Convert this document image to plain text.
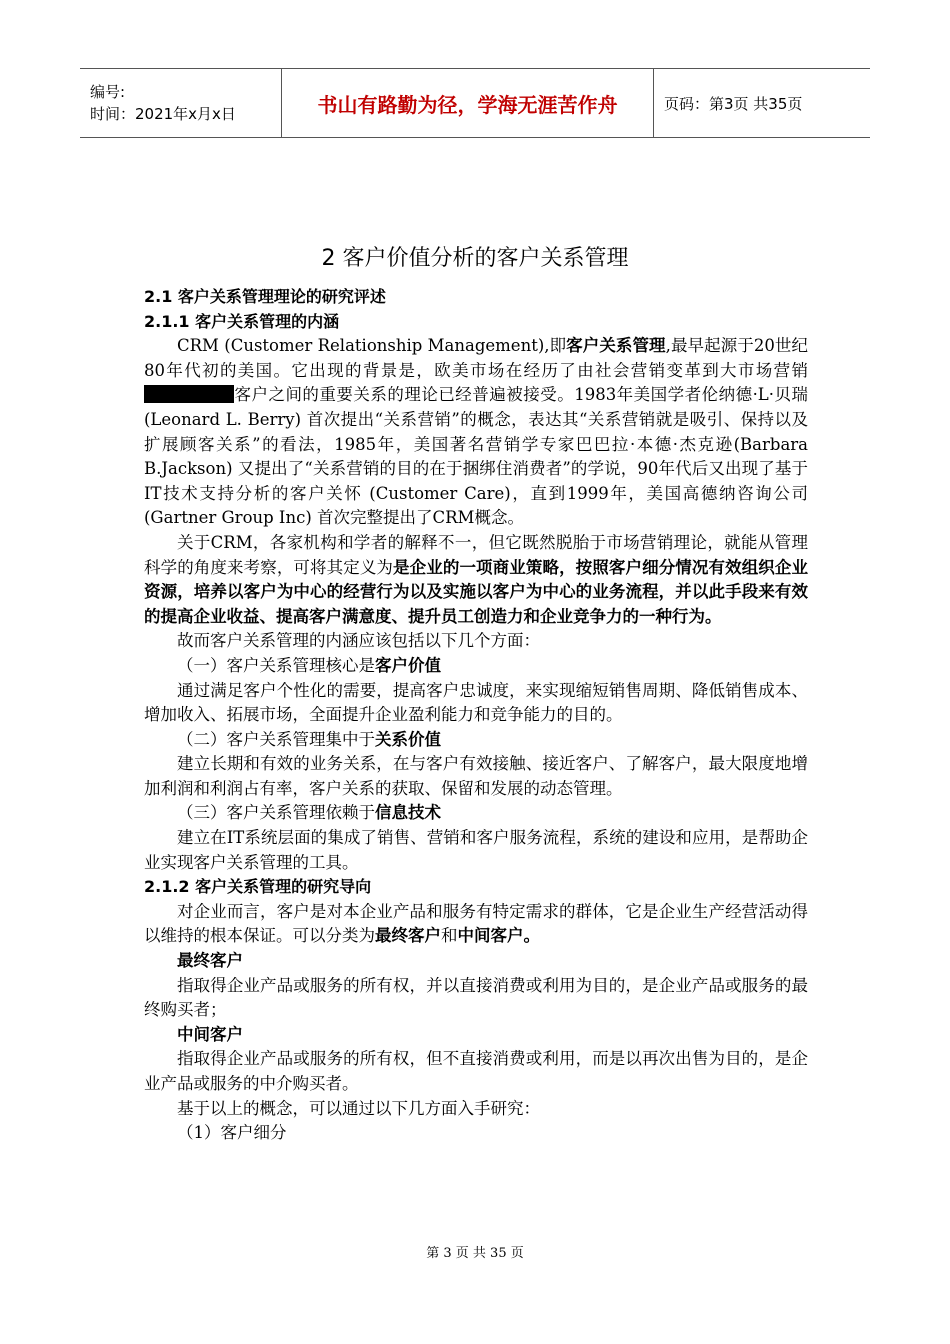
编号:
时间：2021年x月x日	书山有路勤为径，学海无涯苦作舟	页码：第3页 共35页
2 客户价值分析的客户关系管理

2.1 客户关系管理理论的研究评述

2.1.1 客户关系管理的内涵

CRM (Customer Relationship Management),即客户关系管理,最早起源于20世纪80年代初的美国。它出现的背景是，欧美市场在经历了由社会营销变革到大市场营销客户之间的重要关系的理论已经普遍被接受。1983年美国学者伦纳德·L·贝瑞 (Leonard L. Berry) 首次提出“关系营销”的概念，表达其“关系营销就是吸引、保持以及扩展顾客关系”的看法，1985年，美国著名营销学专家巴巴拉·本德·杰克逊(Barbara B.Jackson) 又提出了“关系营销的目的在于捆绑住消费者”的学说，90年代后又出现了基于IT技术支持分析的客户关怀 (Customer Care)，直到1999年，美国高德纳咨询公司 (Gartner Group Inc) 首次完整提出了CRM概念。

关于CRM，各家机构和学者的解释不一，但它既然脱胎于市场营销理论，就能从管理科学的角度来考察，可将其定义为是企业的一项商业策略，按照客户细分情况有效组织企业资源，培养以客户为中心的经营行为以及实施以客户为中心的业务流程，并以此手段来有效的提高企业收益、提高客户满意度、提升员工创造力和企业竞争力的一种行为。

故而客户关系管理的内涵应该包括以下几个方面：

（一）客户关系管理核心是客户价值

通过满足客户个性化的需要，提高客户忠诚度，来实现缩短销售周期、降低销售成本、增加收入、拓展市场，全面提升企业盈利能力和竞争能力的目的。

（二）客户关系管理集中于关系价值

建立长期和有效的业务关系，在与客户有效接触、接近客户、了解客户，最大限度地增加利润和利润占有率，客户关系的获取、保留和发展的动态管理。

（三）客户关系管理依赖于信息技术

建立在IT系统层面的集成了销售、营销和客户服务流程，系统的建设和应用，是帮助企业实现客户关系管理的工具。

2.1.2 客户关系管理的研究导向

对企业而言，客户是对本企业产品和服务有特定需求的群体，它是企业生产经营活动得以维持的根本保证。可以分类为最终客户和中间客户。

最终客户

指取得企业产品或服务的所有权，并以直接消费或利用为目的，是企业产品或服务的最终购买者；

中间客户

指取得企业产品或服务的所有权，但不直接消费或利用，而是以再次出售为目的，是企业产品或服务的中介购买者。

基于以上的概念，可以通过以下几方面入手研究：

（1）客户细分

第 3 页 共 35 页
